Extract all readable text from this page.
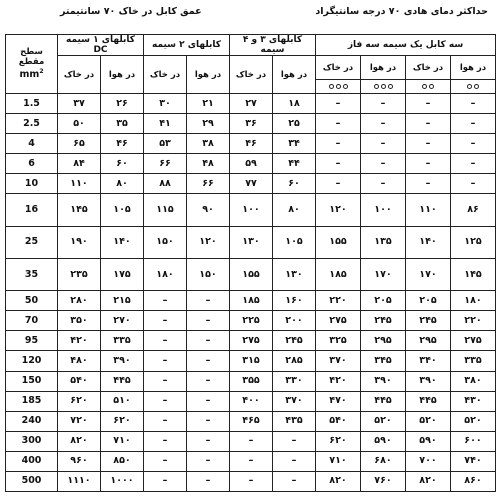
حداکثر دمای هادی ۷۰ درجه سانتیگراد
عمق کابل در خاک ۷۰ سانتیمتر
سه کابل یک سیمه سه فاز				کابلهای ۳ و ۴ سیمه		کابلهای ۲ سیمه		کابلهای ۱ سیمه DC		سطح مقطع
$mm^2$

در هوا	در خاک	در هوا	در خاک	در هوا	در خاک	در هوا	در خاک	در هوا	در خاک	

–	–	–	–	۱۸	۲۷	۲۱	۳۰	۲۶	۳۷	1.5
–	–	–	–	۲۵	۳۶	۲۹	۴۱	۳۵	۵۰	2.5
–	–	–	–	۳۴	۴۶	۳۸	۵۳	۴۶	۶۵	4
–	–	–	–	۴۴	۵۹	۴۸	۶۶	۶۰	۸۴	6
–	–	–	–	۶۰	۷۷	۶۶	۸۸	۸۰	۱۱۰	10
۸۶	۱۱۰	۱۰۰	۱۲۰	۸۰	۱۰۰	۹۰	۱۱۵	۱۰۵	۱۴۵	16
۱۲۵	۱۴۰	۱۳۵	۱۵۵	۱۰۵	۱۳۰	۱۲۰	۱۵۰	۱۴۰	۱۹۰	25
۱۴۵	۱۷۰	۱۷۰	۱۸۵	۱۳۰	۱۵۵	۱۵۰	۱۸۰	۱۷۵	۲۳۵	35
۱۸۰	۲۰۵	۲۰۵	۲۲۰	۱۶۰	۱۸۵	–	–	۲۱۵	۲۸۰	50
۲۲۰	۲۴۵	۲۴۵	۲۷۵	۲۰۰	۲۲۵	–	–	۲۷۰	۳۵۰	70
۲۷۵	۲۹۵	۲۹۵	۳۲۵	۲۴۵	۲۷۵	–	–	۳۳۵	۴۲۰	95
۳۳۵	۳۴۰	۳۴۵	۳۷۰	۲۸۵	۳۱۵	–	–	۳۹۰	۴۸۰	120
۳۸۰	۳۹۰	۳۹۰	۴۲۰	۳۳۰	۳۵۵	–	–	۴۴۵	۵۴۰	150
۴۳۰	۴۴۵	۴۴۵	۴۷۰	۳۷۰	۴۰۰	–	–	۵۱۰	۶۲۰	185
۵۲۰	۵۲۰	۵۲۰	۵۴۰	۴۳۵	۴۶۵	–	–	۶۲۰	۷۲۰	240
۶۰۰	۵۹۰	۵۹۰	۶۲۰	–	–	–	–	۷۱۰	۸۲۰	300
۷۴۰	۷۰۰	۶۸۰	۷۱۰	–	–	–	–	۸۵۰	۹۶۰	400
۸۶۰	۸۲۰	۷۶۰	۸۲۰	–	–	–	–	۱۰۰۰	۱۱۱۰	500
